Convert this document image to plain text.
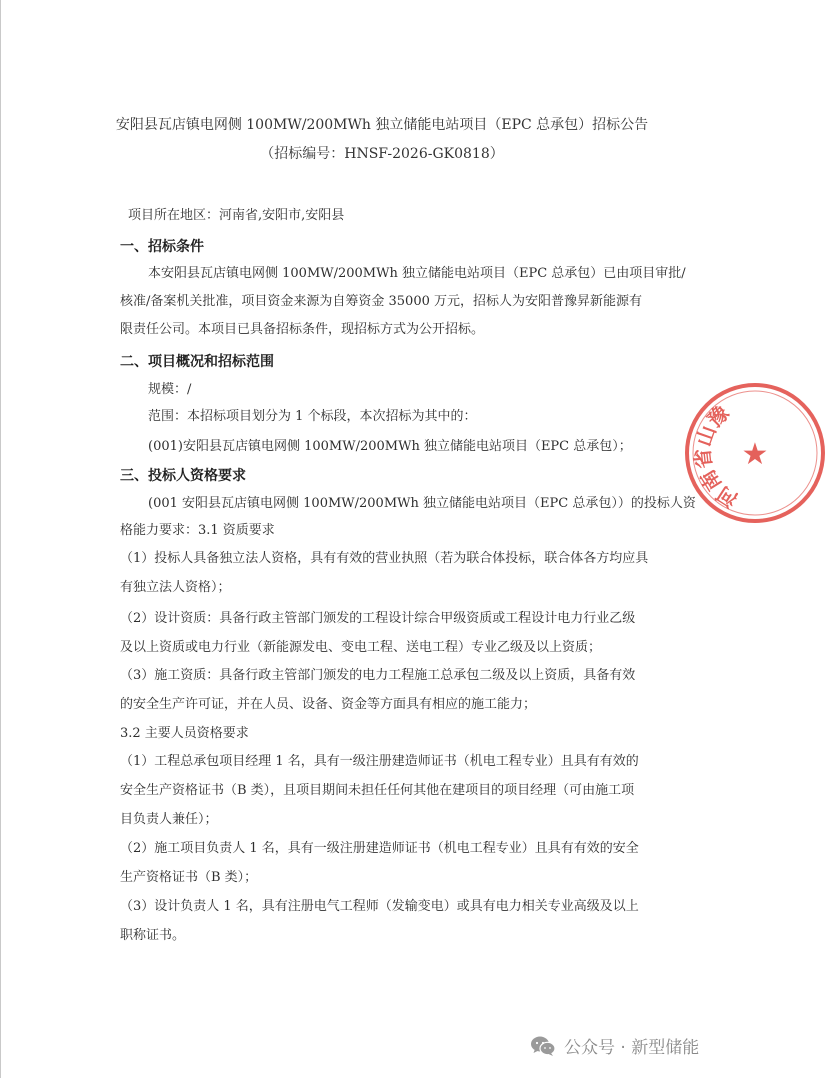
安阳县瓦店镇电网侧 100MW/200MWh 独立储能电站项目（EPC 总承包）招标公告
（招标编号：HNSF-2026-GK0818）
项目所在地区：河南省,安阳市,安阳县
一、招标条件
本安阳县瓦店镇电网侧 100MW/200MWh 独立储能电站项目（EPC 总承包）已由项目审批/
核准/备案机关批准，项目资金来源为自筹资金 35000 万元，招标人为安阳普豫昇新能源有
限责任公司。本项目已具备招标条件，现招标方式为公开招标。
二、项目概况和招标范围
规模：/
范围：本招标项目划分为 1 个标段，本次招标为其中的：
(001)安阳县瓦店镇电网侧 100MW/200MWh 独立储能电站项目（EPC 总承包）；
三、投标人资格要求
(001 安阳县瓦店镇电网侧 100MW/200MWh 独立储能电站项目（EPC 总承包））的投标人资
格能力要求：3.1 资质要求
（1）投标人具备独立法人资格，具有有效的营业执照（若为联合体投标，联合体各方均应具
有独立法人资格）；
（2）设计资质：具备行政主管部门颁发的工程设计综合甲级资质或工程设计电力行业乙级
及以上资质或电力行业（新能源发电、变电工程、送电工程）专业乙级及以上资质；
（3）施工资质：具备行政主管部门颁发的电力工程施工总承包二级及以上资质，具备有效
的安全生产许可证，并在人员、设备、资金等方面具有相应的施工能力；
3.2 主要人员资格要求
（1）工程总承包项目经理 1 名，具有一级注册建造师证书（机电工程专业）且具有有效的
安全生产资格证书（B 类），且项目期间未担任任何其他在建项目的项目经理（可由施工项
目负责人兼任）；
（2）施工项目负责人 1 名，具有一级注册建造师证书（机电工程专业）且具有有效的安全
生产资格证书（B 类）；
（3）设计负责人 1 名，具有注册电气工程师（发输变电）或具有电力相关专业高级及以上
职称证书。
河南省山豫
★
公众号 · 新型储能
